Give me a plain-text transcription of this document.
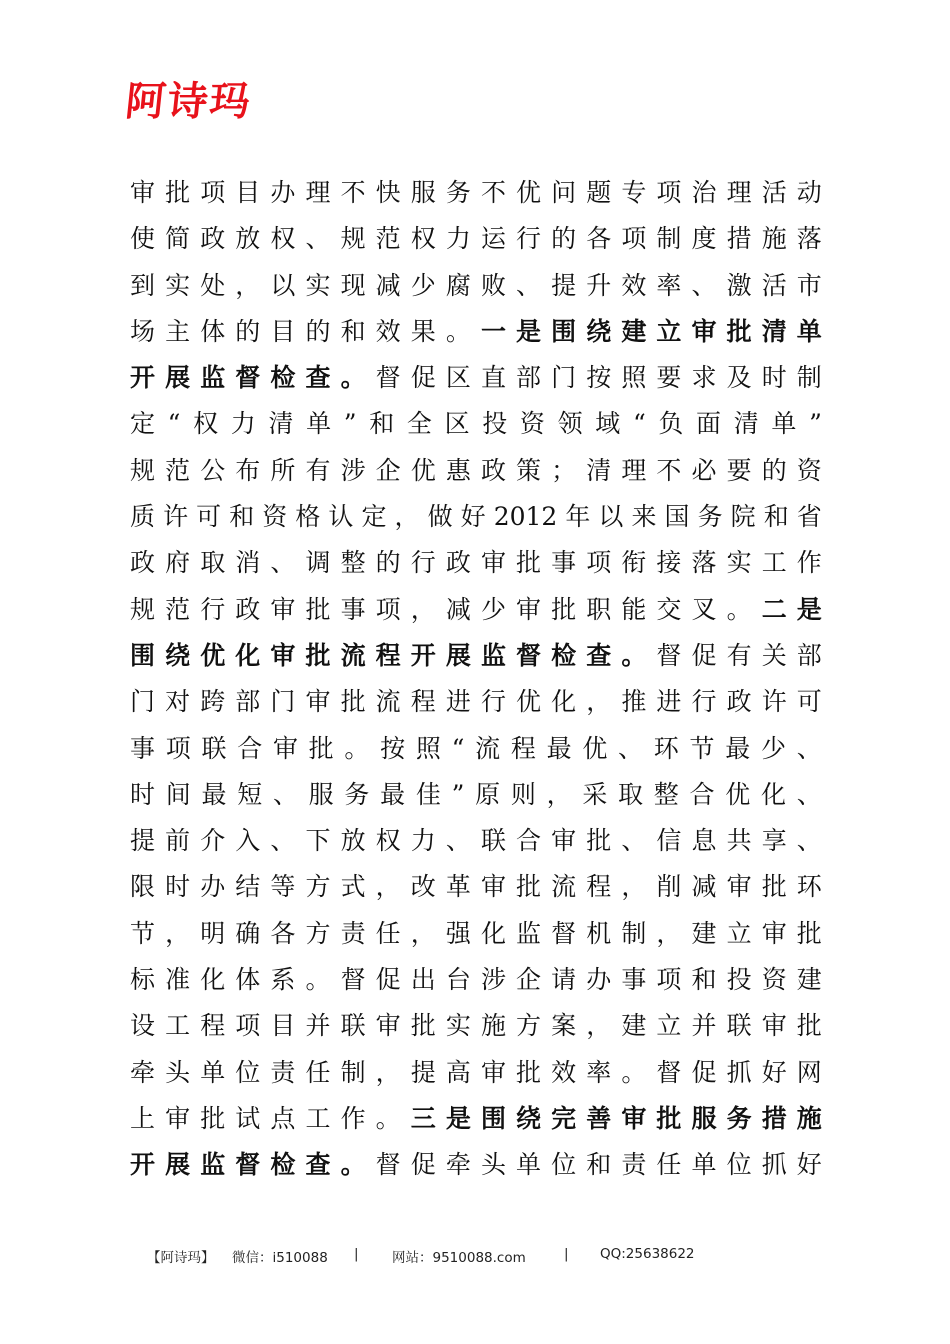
阿诗玛
审 批 项 目 办 理 不 快 服 务 不 优 问 题 专 项 治 理 活 动
使 简 政 放 权 、 规 范 权 力 运 行 的 各 项 制 度 措 施 落
到 实 处 ， 以 实 现 减 少 腐 败 、 提 升 效 率 、 激 活 市
场 主 体 的 目 的 和 效 果 。 一 是 围 绕 建 立 审 批 清 单
开 展 监 督 检 查 。 督 促 区 直 部 门 按 照 要 求 及 时 制
定 “ 权 力 清 单 ” 和 全 区 投 资 领 域 “ 负 面 清 单 ”
规 范 公 布 所 有 涉 企 优 惠 政 策 ； 清 理 不 必 要 的 资
质 许 可 和 资 格 认 定 ， 做 好 2012 年 以 来 国 务 院 和 省
政 府 取 消 、 调 整 的 行 政 审 批 事 项 衔 接 落 实 工 作
规 范 行 政 审 批 事 项 ， 减 少 审 批 职 能 交 叉 。 二 是
围 绕 优 化 审 批 流 程 开 展 监 督 检 查 。 督 促 有 关 部
门 对 跨 部 门 审 批 流 程 进 行 优 化 ， 推 进 行 政 许 可
事 项 联 合 审 批 。 按 照 “ 流 程 最 优 、 环 节 最 少 、
时 间 最 短 、 服 务 最 佳 ” 原 则 ， 采 取 整 合 优 化 、
提 前 介 入 、 下 放 权 力 、 联 合 审 批 、 信 息 共 享 、
限 时 办 结 等 方 式 ， 改 革 审 批 流 程 ， 削 减 审 批 环
节 ， 明 确 各 方 责 任 ， 强 化 监 督 机 制 ， 建 立 审 批
标 准 化 体 系 。 督 促 出 台 涉 企 请 办 事 项 和 投 资 建
设 工 程 项 目 并 联 审 批 实 施 方 案 ， 建 立 并 联 审 批
牵 头 单 位 责 任 制 ， 提 高 审 批 效 率 。 督 促 抓 好 网
上 审 批 试 点 工 作 。 三 是 围 绕 完 善 审 批 服 务 措 施
开 展 监 督 检 查 。 督 促 牵 头 单 位 和 责 任 单 位 抓 好
【阿诗玛】 微信：i510088 | 网站：9510088.com	| QQ:25638622
